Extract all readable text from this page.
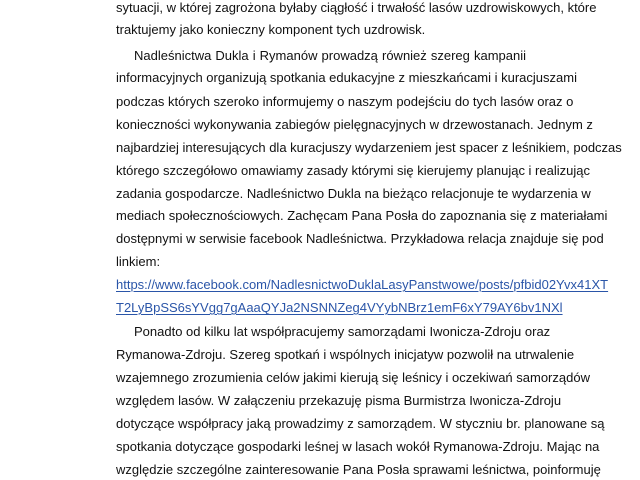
sytuacji, w której zagrożona byłaby ciągłość i trwałość lasów uzdrowiskowych, które
traktujemy jako konieczny komponent tych uzdrowisk.
Nadleśnictwa Dukla i Rymanów prowadzą również szereg kampanii
informacyjnych organizują spotkania edukacyjne z mieszkańcami i kuracjuszami
podczas których szeroko informujemy o naszym podejściu do tych lasów oraz o
konieczności wykonywania zabiegów pielęgnacyjnych w drzewostanach. Jednym z
najbardziej interesujących dla kuracjuszy wydarzeniem jest spacer z leśnikiem, podczas
którego szczegółowo omawiamy zasady którymi się kierujemy planując i realizując
zadania gospodarcze. Nadleśnictwo Dukla na bieżąco relacjonuje te wydarzenia w
mediach społecznościowych. Zachęcam Pana Posła do zapoznania się z materiałami
dostępnymi w serwisie facebook Nadleśnictwa. Przykładowa relacja znajduje się pod
linkiem:
https://www.facebook.com/NadlesnictwoDuklaLasyPanstwowe/posts/pfbid02Yvx41XT
T2LyBpSS6sYVgg7gAaaQYJa2NSNNZeg4VYybNBrz1emF6xY79AY6bv1NXl
Ponadto od kilku lat współpracujemy samorządami Iwonicza-Zdroju oraz
Rymanowa-Zdroju. Szereg spotkań i wspólnych inicjatyw pozwolił na utrwalenie
wzajemnego zrozumienia celów jakimi kierują się leśnicy i oczekiwań samorządów
względem lasów. W załączeniu przekazuję pisma Burmistrza Iwonicza-Zdroju
dotyczące współpracy jaką prowadzimy z samorządem. W styczniu br. planowane są
spotkania dotyczące gospodarki leśnej w lasach wokół Rymanowa-Zdroju. Mając na
względzie szczególne zainteresowanie Pana Posła sprawami leśnictwa, poinformuję
